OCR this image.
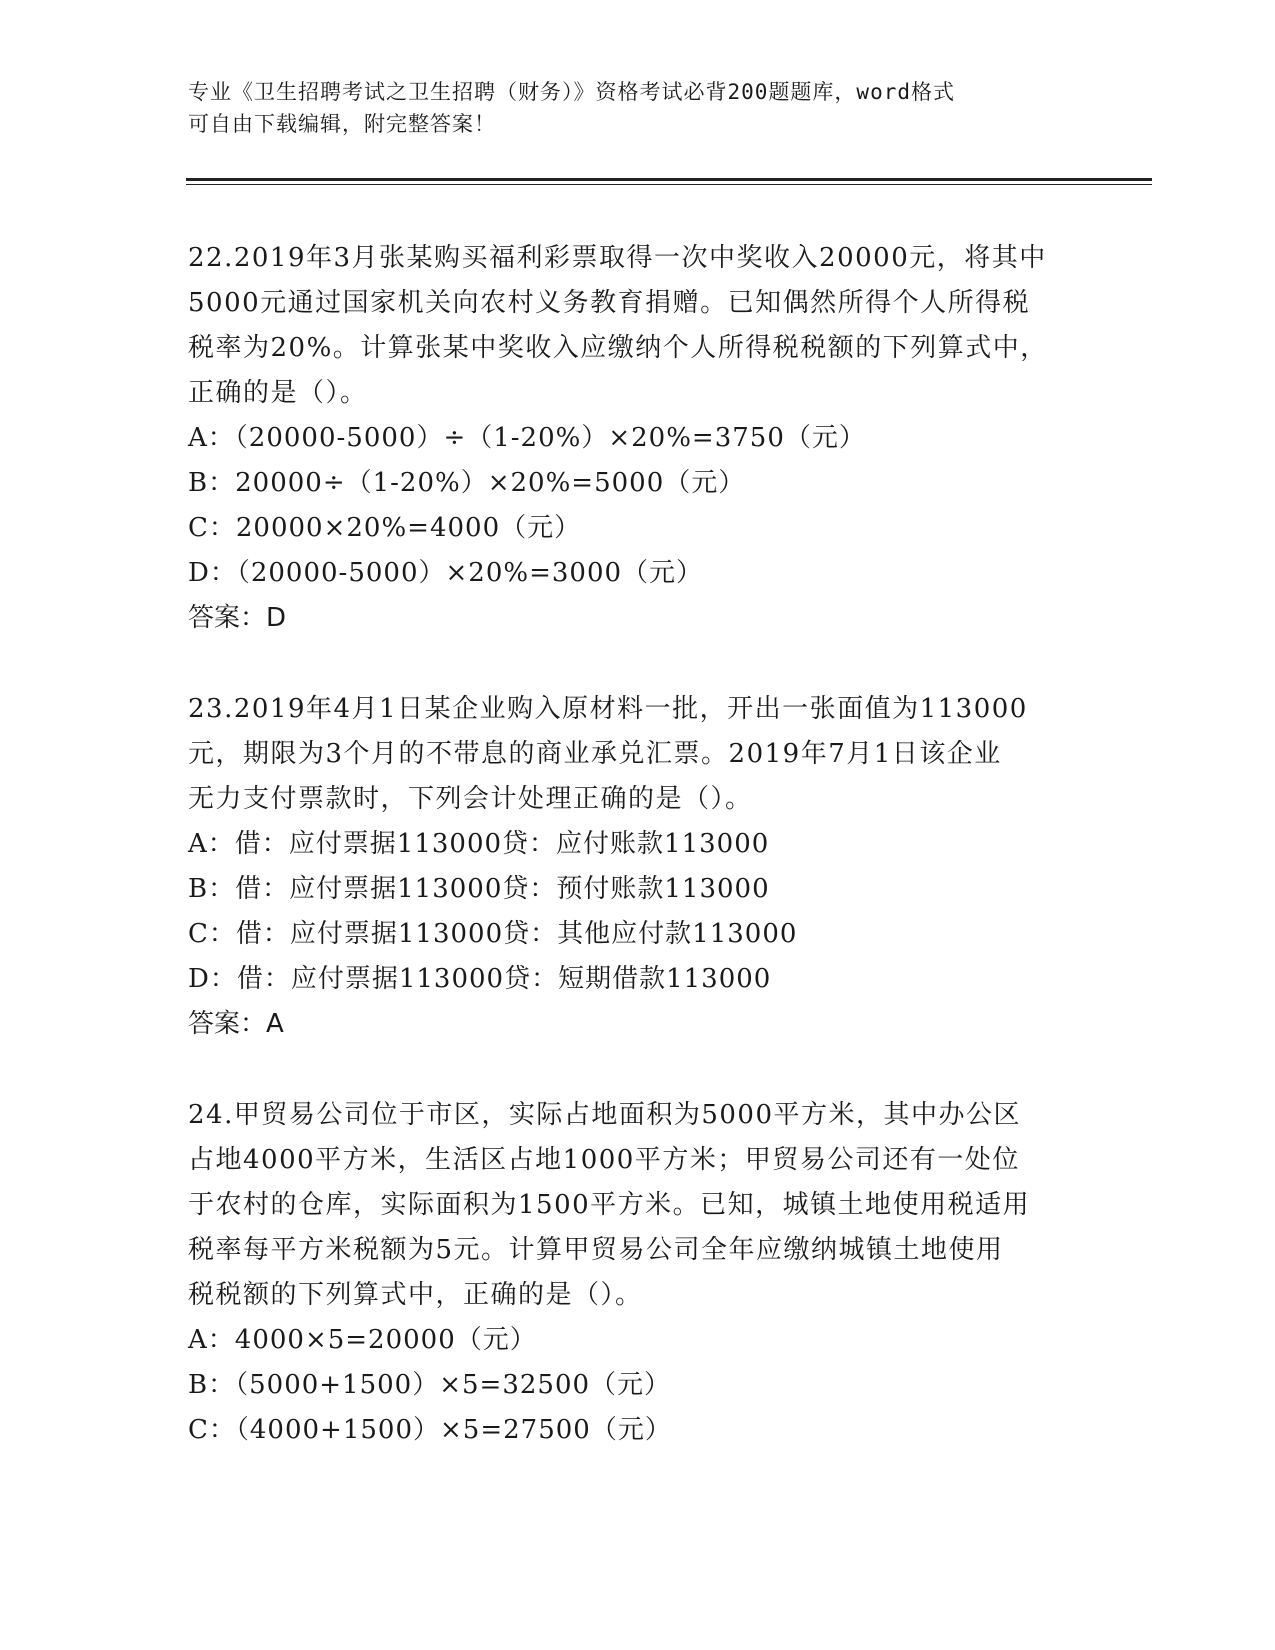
专业《卫生招聘考试之卫生招聘（财务）》资格考试必背200题题库，word格式
可自由下载编辑，附完整答案！

22.2019年3月张某购买福利彩票取得一次中奖收入20000元，将其中

5000元通过国家机关向农村义务教育捐赠。已知偶然所得个人所得税

税率为20%。计算张某中奖收入应缴纳个人所得税税额的下列算式中，

正确的是（）。

A：（20000-5000）÷（1-20%）×20%=3750（元）

B：20000÷（1-20%）×20%=5000（元）

C：20000×20%=4000（元）

D：（20000-5000）×20%=3000（元）

答案：D

23.2019年4月1日某企业购入原材料一批，开出一张面值为113000

元，期限为3个月的不带息的商业承兑汇票。2019年7月1日该企业

无力支付票款时，下列会计处理正确的是（）。

A：借：应付票据113000贷：应付账款113000

B：借：应付票据113000贷：预付账款113000

C：借：应付票据113000贷：其他应付款113000

D：借：应付票据113000贷：短期借款113000

答案：A

24.甲贸易公司位于市区，实际占地面积为5000平方米，其中办公区

占地4000平方米，生活区占地1000平方米；甲贸易公司还有一处位

于农村的仓库，实际面积为1500平方米。已知，城镇土地使用税适用

税率每平方米税额为5元。计算甲贸易公司全年应缴纳城镇土地使用

税税额的下列算式中，正确的是（）。

A：4000×5=20000（元）

B：（5000+1500）×5=32500（元）

C：（4000+1500）×5=27500（元）
